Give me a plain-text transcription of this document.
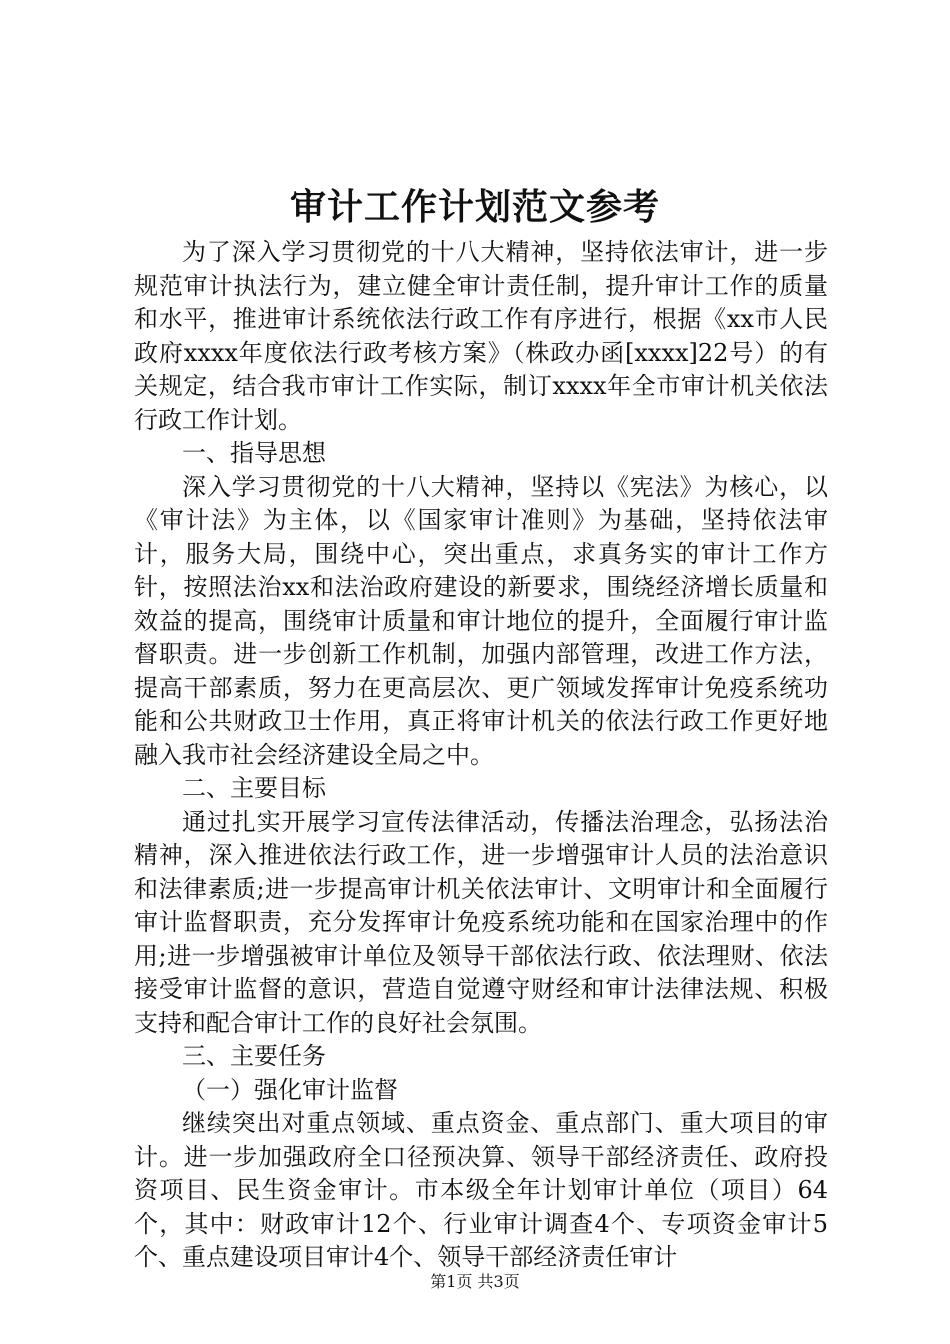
审计工作计划范文参考

为了深入学习贯彻党的十八大精神，坚持依法审计，进一步规范审计执法行为，建立健全审计责任制，提升审计工作的质量和水平，推进审计系统依法行政工作有序进行，根据《xx市人民政府xxxx年度依法行政考核方案》（株政办函[xxxx]22号）的有关规定，结合我市审计工作实际，制订xxxx年全市审计机关依法行政工作计划。

一、指导思想

深入学习贯彻党的十八大精神，坚持以《宪法》为核心，以《审计法》为主体，以《国家审计准则》为基础，坚持依法审计，服务大局，围绕中心，突出重点，求真务实的审计工作方针，按照法治xx和法治政府建设的新要求，围绕经济增长质量和效益的提高，围绕审计质量和审计地位的提升，全面履行审计监督职责。进一步创新工作机制，加强内部管理，改进工作方法，提高干部素质，努力在更高层次、更广领域发挥审计免疫系统功能和公共财政卫士作用，真正将审计机关的依法行政工作更好地融入我市社会经济建设全局之中。

二、主要目标

通过扎实开展学习宣传法律活动，传播法治理念，弘扬法治精神，深入推进依法行政工作，进一步增强审计人员的法治意识和法律素质;进一步提高审计机关依法审计、文明审计和全面履行审计监督职责，充分发挥审计免疫系统功能和在国家治理中的作用;进一步增强被审计单位及领导干部依法行政、依法理财、依法接受审计监督的意识，营造自觉遵守财经和审计法律法规、积极支持和配合审计工作的良好社会氛围。

三、主要任务

（一）强化审计监督

继续突出对重点领域、重点资金、重点部门、重大项目的审计。进一步加强政府全口径预决算、领导干部经济责任、政府投资项目、民生资金审计。市本级全年计划审计单位（项目）64个，其中：财政审计12个、行业审计调查4个、专项资金审计5个、重点建设项目审计4个、领导干部经济责任审计

第1页 共3页
